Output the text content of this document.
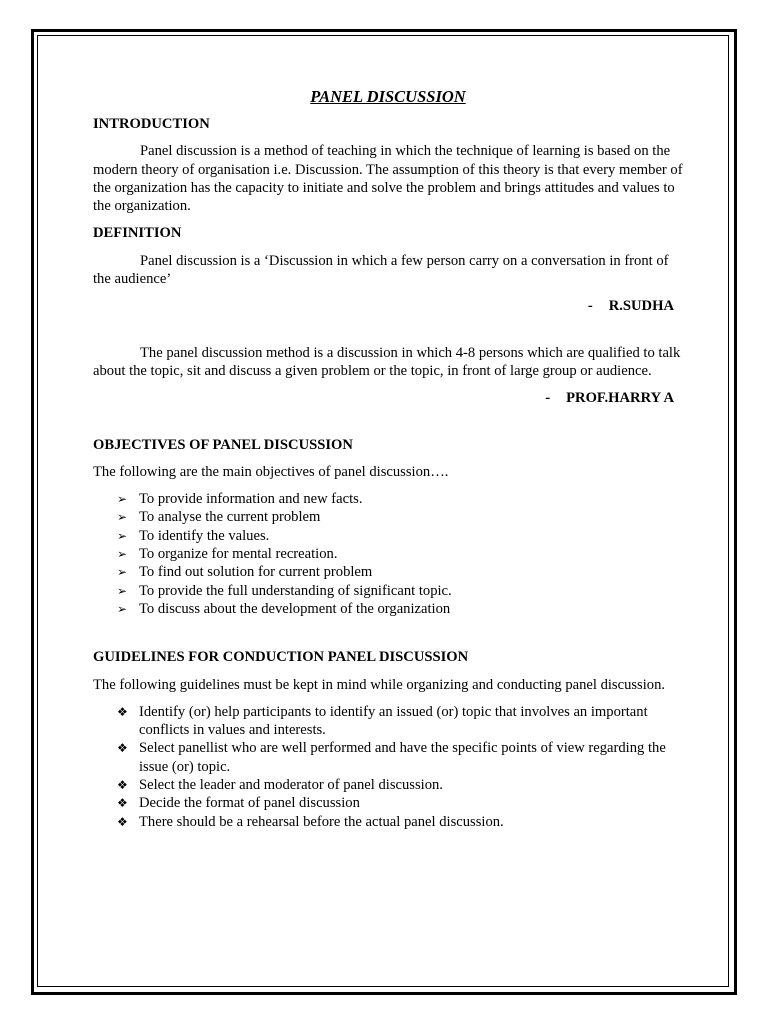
PANEL DISCUSSION

INTRODUCTION

Panel discussion is a method of teaching in which the technique of learning is based on the modern theory of organisation i.e. Discussion. The assumption of this theory is that every member of the organization has the capacity to initiate and solve the problem and brings attitudes and values to the organization.

DEFINITION

Panel discussion is a ‘Discussion in which a few person carry on a conversation in front of the audience’

- R.SUDHA

The panel discussion method is a discussion in which 4-8 persons which are qualified to talk about the topic, sit and discuss a given problem or the topic, in front of large group or audience.

- PROF.HARRY A

OBJECTIVES OF PANEL DISCUSSION

The following are the main objectives of panel discussion….

➢ To provide information and new facts.
➢ To analyse the current problem
➢ To identify the values.
➢ To organize for mental recreation.
➢ To find out solution for current problem
➢ To provide the full understanding of significant topic.
➢ To discuss about the development of the organization

GUIDELINES FOR CONDUCTION PANEL DISCUSSION

The following guidelines must be kept in mind while organizing and conducting panel discussion.

❖ Identify (or) help participants to identify an issued (or) topic that involves an important conflicts in values and interests.
❖ Select panellist who are well performed and have the specific points of view regarding the issue (or) topic.
❖ Select the leader and moderator of panel discussion.
❖ Decide the format of panel discussion
❖ There should be a rehearsal before the actual panel discussion.
